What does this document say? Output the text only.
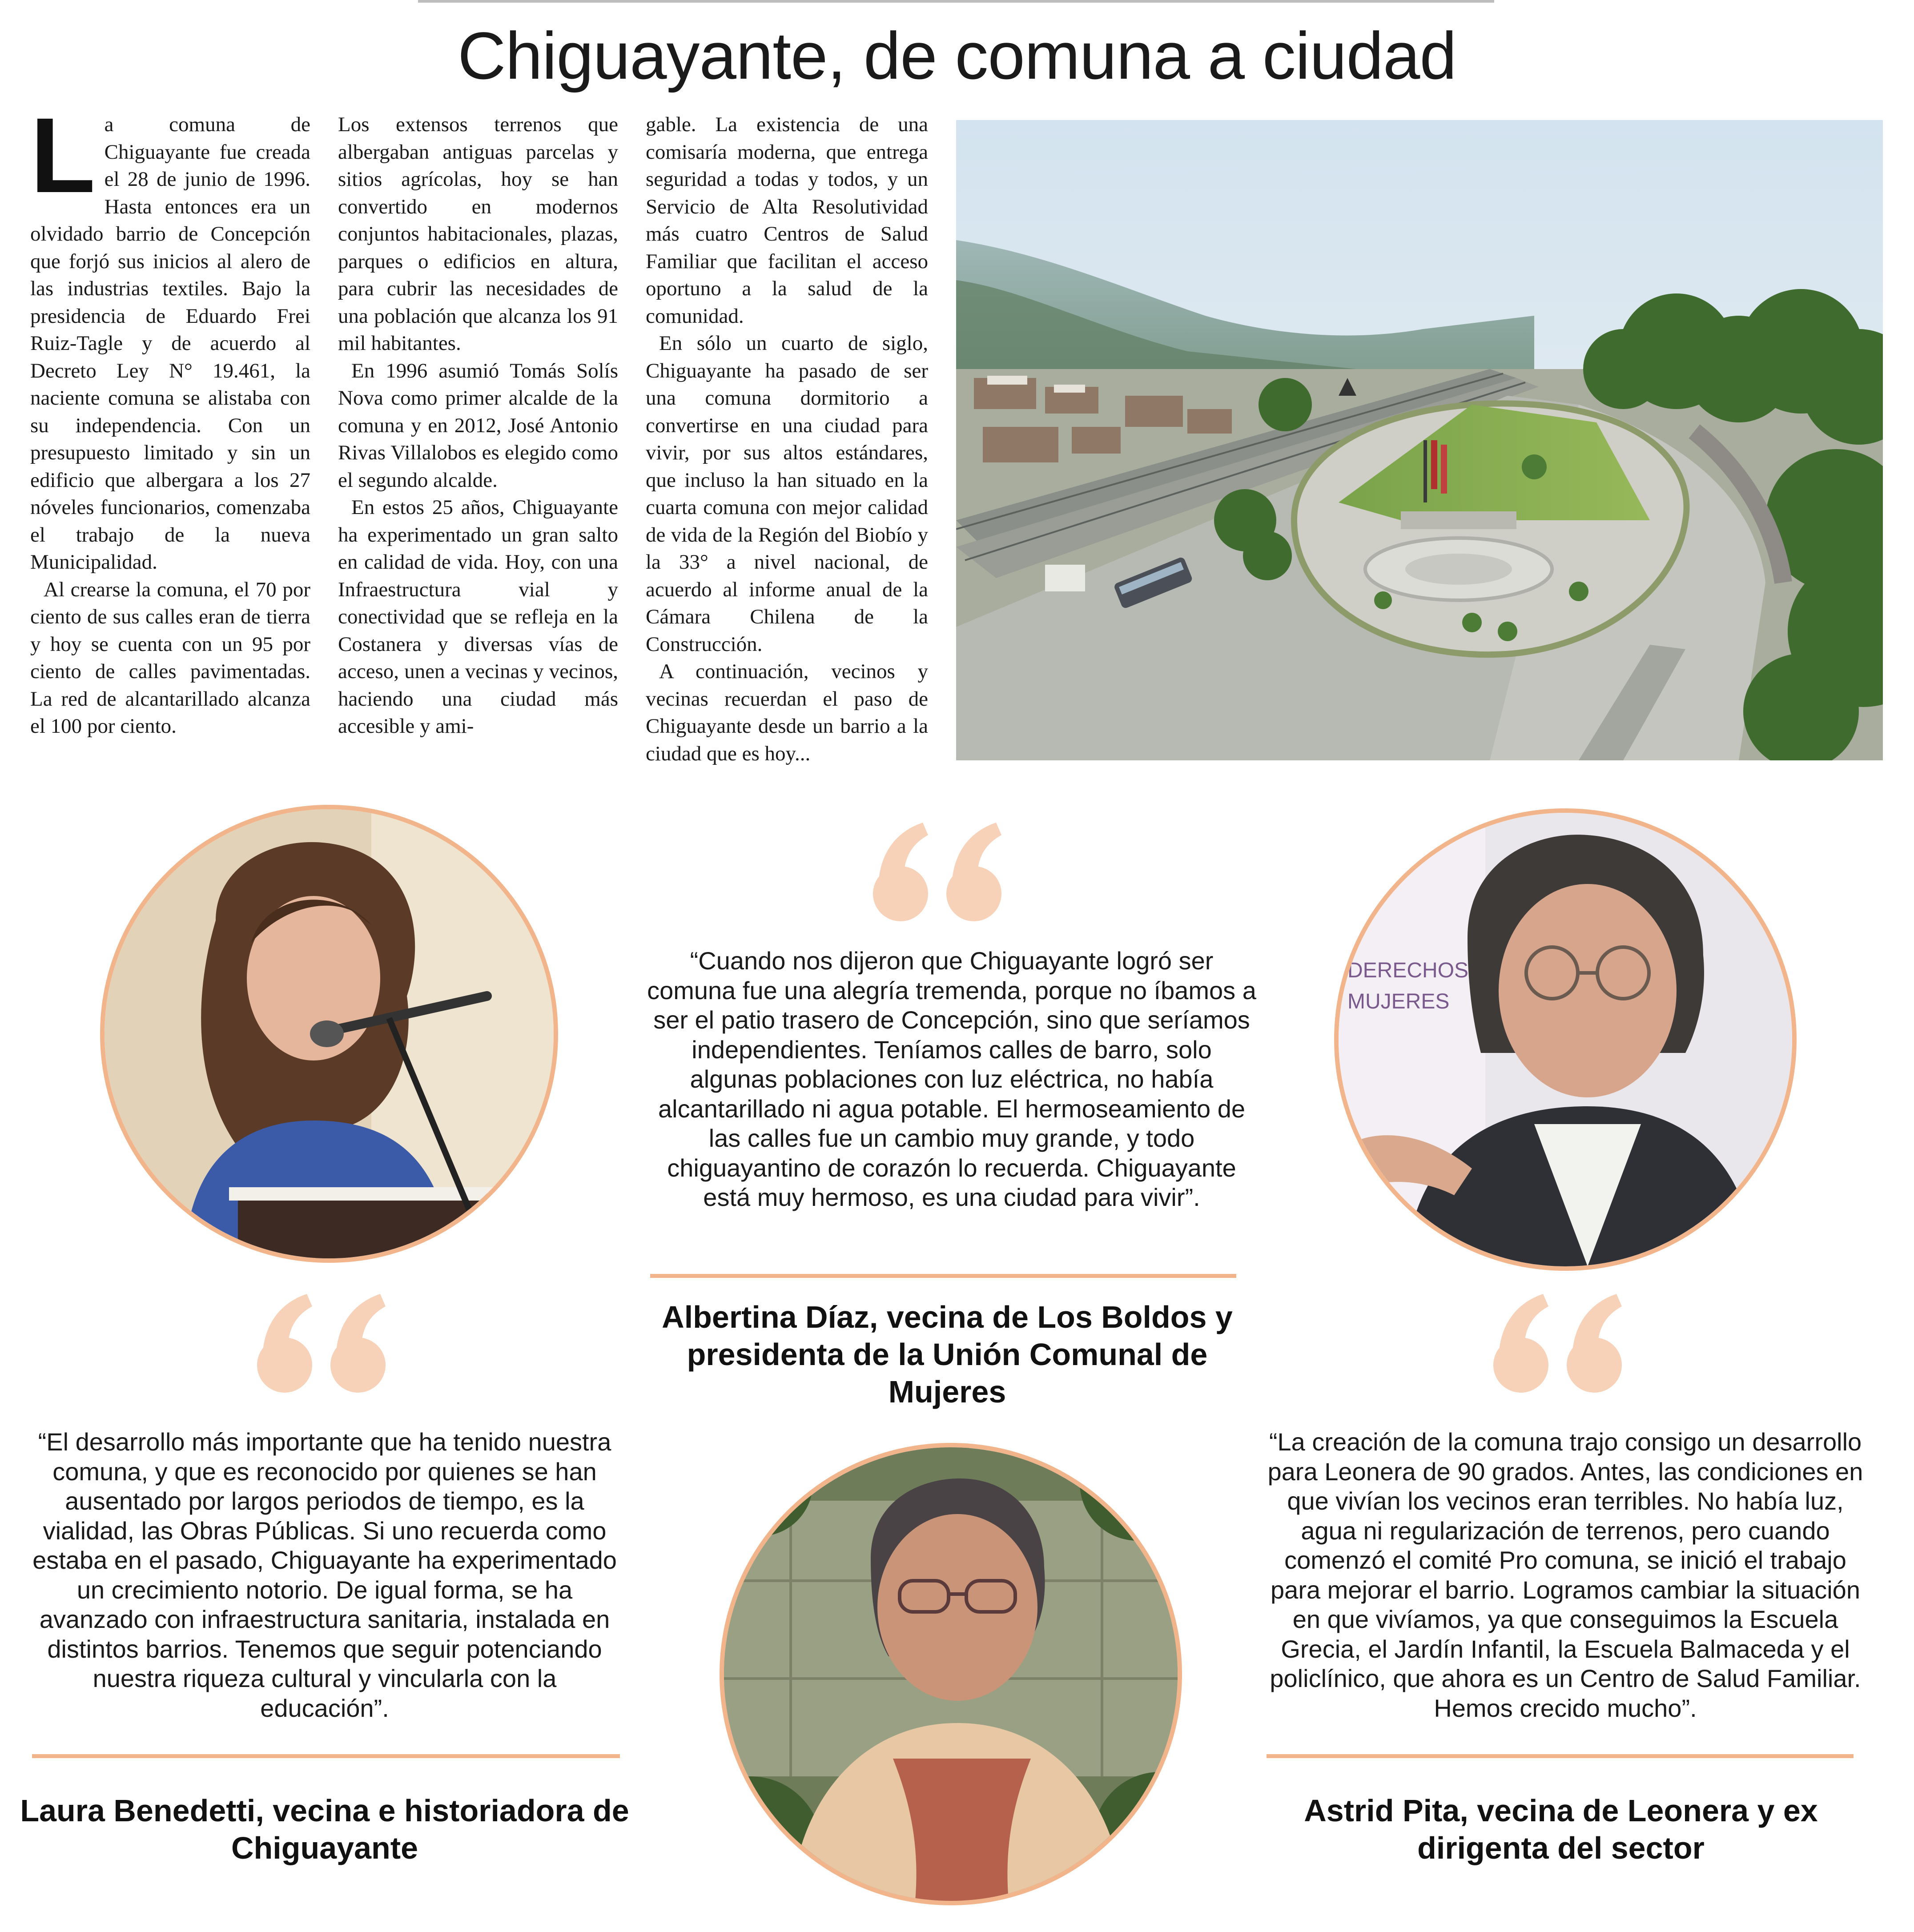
Chiguayante, de comuna a ciudad
L a comuna de Chiguayante fue creada el 28 de junio de 1996. Hasta entonces era un olvidado barrio de Concepción que forjó sus inicios al alero de las industrias textiles. Bajo la presidencia de Eduardo Frei Ruiz-Tagle y de acuerdo al Decreto Ley N° 19.461, la naciente comuna se alistaba con su independencia. Con un presupuesto limitado y sin un edificio que albergara a los 27 nóveles funcionarios, comenzaba el trabajo de la nueva Municipalidad.

Al crearse la comuna, el 70 por ciento de sus calles eran de tierra y hoy se cuenta con un 95 por ciento de calles pavimentadas. La red de alcantarillado alcanza el 100 por ciento.

Los extensos terrenos que albergaban antiguas parcelas y sitios agrícolas, hoy se han convertido en modernos conjuntos habitacionales, plazas, parques o edificios en altura, para cubrir las necesidades de una población que alcanza los 91 mil habitantes.

En 1996 asumió Tomás Solís Nova como primer alcalde de la comuna y en 2012, José Antonio Rivas Villalobos es elegido como el segundo alcalde.

En estos 25 años, Chiguayante ha experimentado un gran salto en calidad de vida. Hoy, con una Infraestructura vial y conectividad que se refleja en la Costanera y diversas vías de acceso, unen a vecinas y vecinos, haciendo una ciudad más accesible y ami-

gable. La existencia de una comisaría moderna, que entrega seguridad a todas y todos, y un Servicio de Alta Resolutividad más cuatro Centros de Salud Familiar que facilitan el acceso oportuno a la salud de la comunidad.

En sólo un cuarto de siglo, Chiguayante ha pasado de ser una comuna dormitorio a convertirse en una ciudad para vivir, por sus altos estándares, que incluso la han situado en la cuarta comuna con mejor calidad de vida de la Región del Biobío y la 33° a nivel nacional, de acuerdo al informe anual de la Cámara Chilena de la Construcción.

A continuación, vecinos y vecinas recuerdan el paso de Chiguayante desde un barrio a la ciudad que es hoy...

DERECHOS
MUJERES
“Cuando nos dijeron que Chiguayante logró ser comuna fue una alegría tremenda, porque no íbamos a ser el patio trasero de Concepción, sino que seríamos independientes. Teníamos calles de barro, solo algunas poblaciones con luz eléctrica, no había alcantarillado ni agua potable. El hermoseamiento de las calles fue un cambio muy grande, y todo chiguayantino de corazón lo recuerda. Chiguayante está muy hermoso, es una ciudad para vivir”.
Albertina Díaz, vecina de Los Boldos y presidenta de la Unión Comunal de Mujeres
“El desarrollo más importante que ha tenido nuestra comuna, y que es reconocido por quienes se han ausentado por largos periodos de tiempo, es la vialidad, las Obras Públicas. Si uno recuerda como estaba en el pasado, Chiguayante ha experimentado un crecimiento notorio. De igual forma, se ha avanzado con infraestructura sanitaria, instalada en distintos barrios. Tenemos que seguir potenciando nuestra riqueza cultural y vincularla con la educación”.
Laura Benedetti, vecina e historiadora de Chiguayante
“La creación de la comuna trajo consigo un desarrollo para Leonera de 90 grados. Antes, las condiciones en que vivían los vecinos eran terribles. No había luz, agua ni regularización de terrenos, pero cuando comenzó el comité Pro comuna, se inició el trabajo para mejorar el barrio. Logramos cambiar la situación en que vivíamos, ya que conseguimos la Escuela Grecia, el Jardín Infantil, la Escuela Balmaceda y el policlínico, que ahora es un Centro de Salud Familiar. Hemos crecido mucho”.
Astrid Pita, vecina de Leonera y ex dirigenta del sector
